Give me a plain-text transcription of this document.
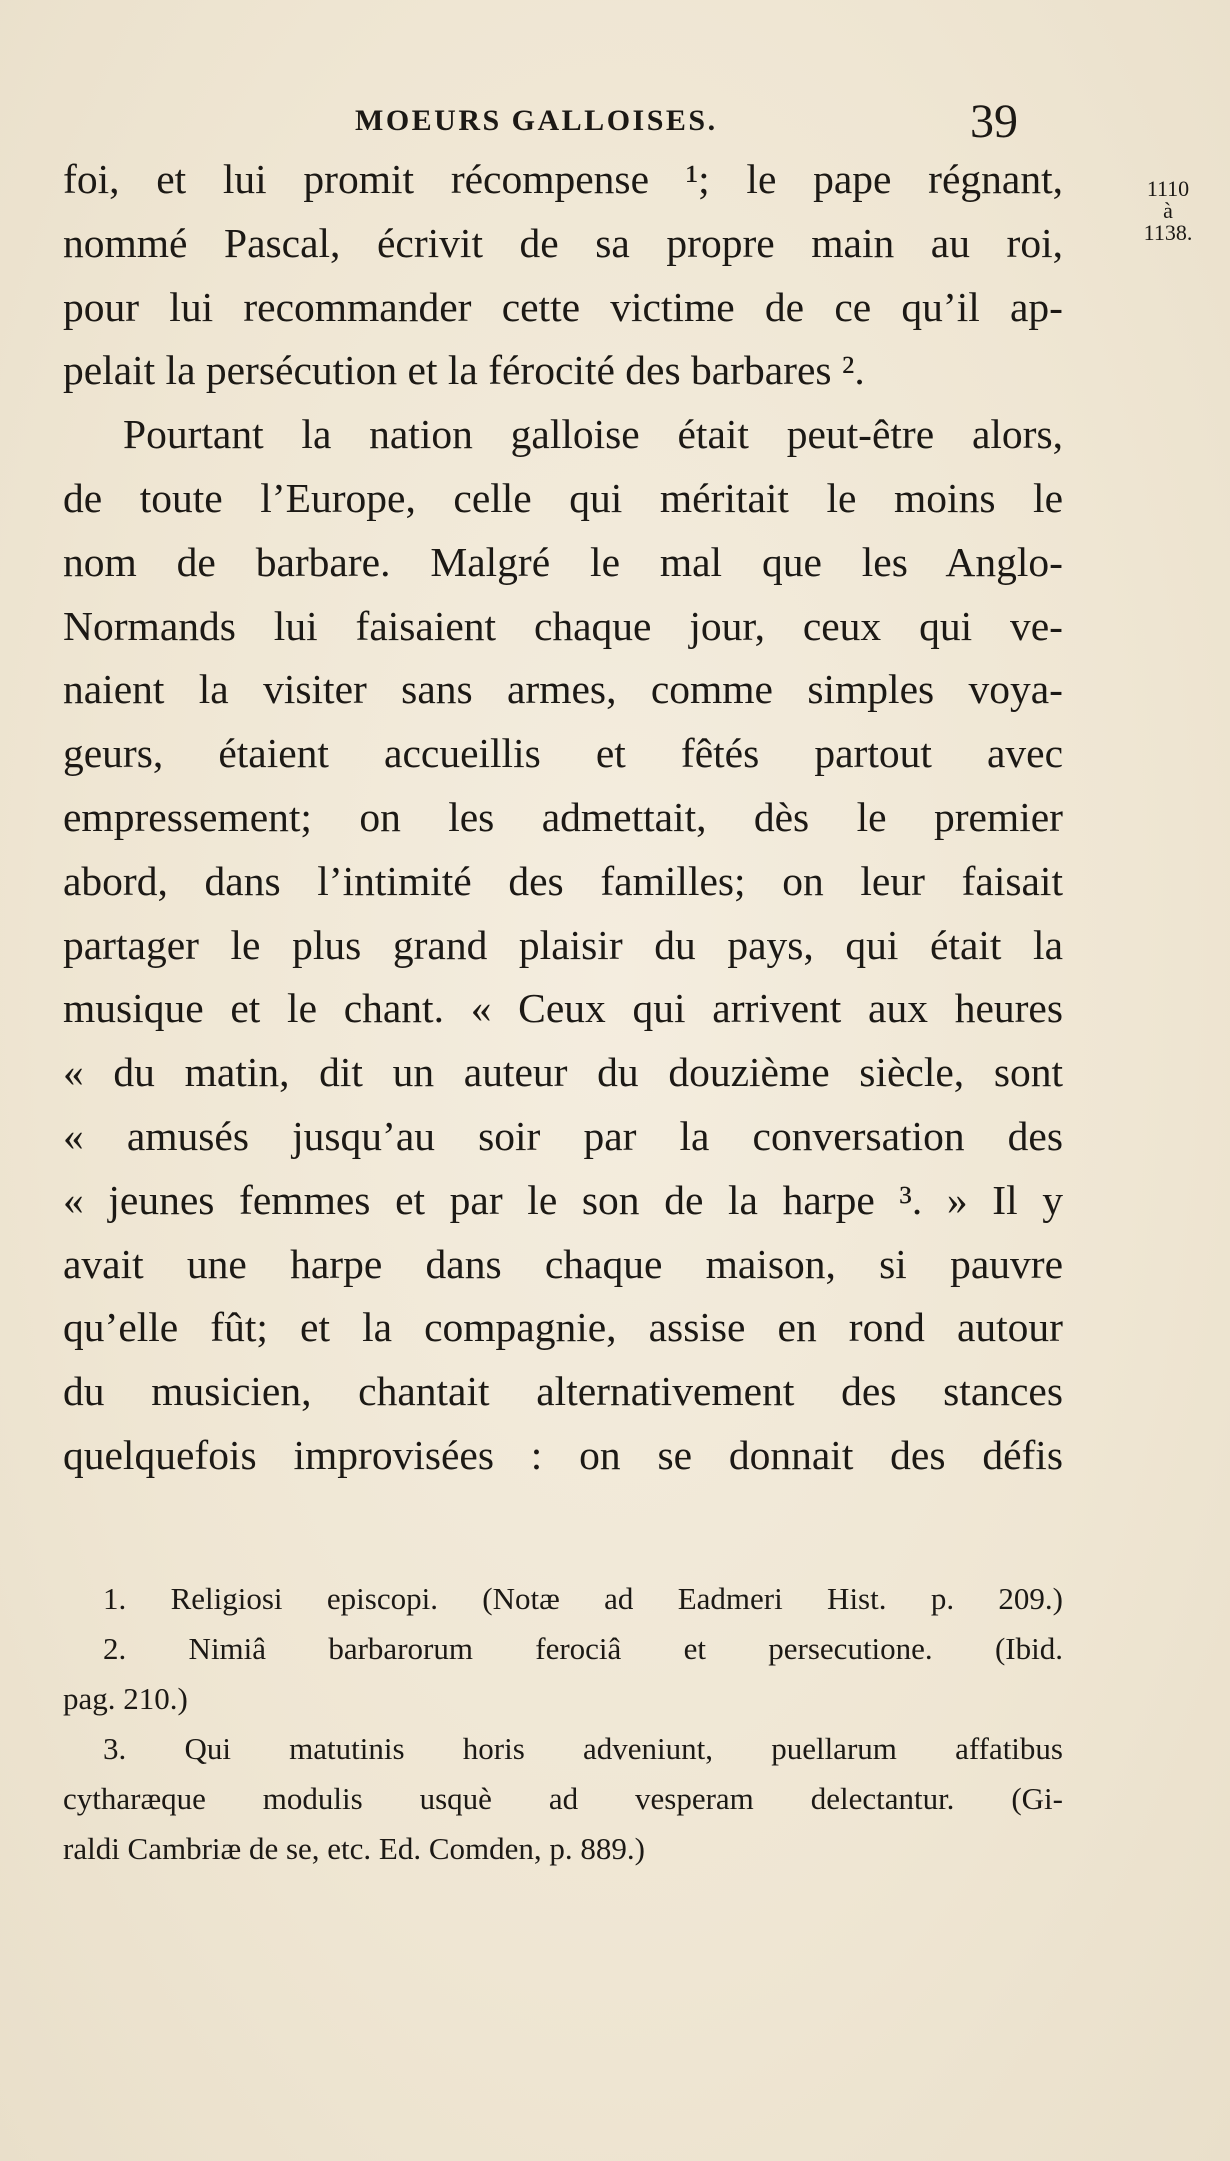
MOEURS GALLOISES.	39
1110
à
1138.
foi, et lui promit récompense ¹; le pape régnant,
nommé Pascal, écrivit de sa propre main au roi,
pour lui recommander cette victime de ce qu’il ap-
pelait la persécution et la férocité des barbares ².
Pourtant la nation galloise était peut-être alors,
de toute l’Europe, celle qui méritait le moins le
nom de barbare. Malgré le mal que les Anglo-
Normands lui faisaient chaque jour, ceux qui ve-
naient la visiter sans armes, comme simples voya-
geurs, étaient accueillis et fêtés partout avec
empressement; on les admettait, dès le premier
abord, dans l’intimité des familles; on leur faisait
partager le plus grand plaisir du pays, qui était la
musique et le chant. « Ceux qui arrivent aux heures
« du matin, dit un auteur du douzième siècle, sont
« amusés jusqu’au soir par la conversation des
« jeunes femmes et par le son de la harpe ³. » Il y
avait une harpe dans chaque maison, si pauvre
qu’elle fût; et la compagnie, assise en rond autour
du musicien, chantait alternativement des stances
quelquefois improvisées : on se donnait des défis
1. Religiosi episcopi. (Notæ ad Eadmeri Hist. p. 209.)
2. Nimiâ barbarorum ferociâ et persecutione. (Ibid.
pag. 210.)
3. Qui matutinis horis adveniunt, puellarum affatibus
cytharæque modulis usquè ad vesperam delectantur. (Gi-
raldi Cambriæ de se, etc. Ed. Comden, p. 889.)
